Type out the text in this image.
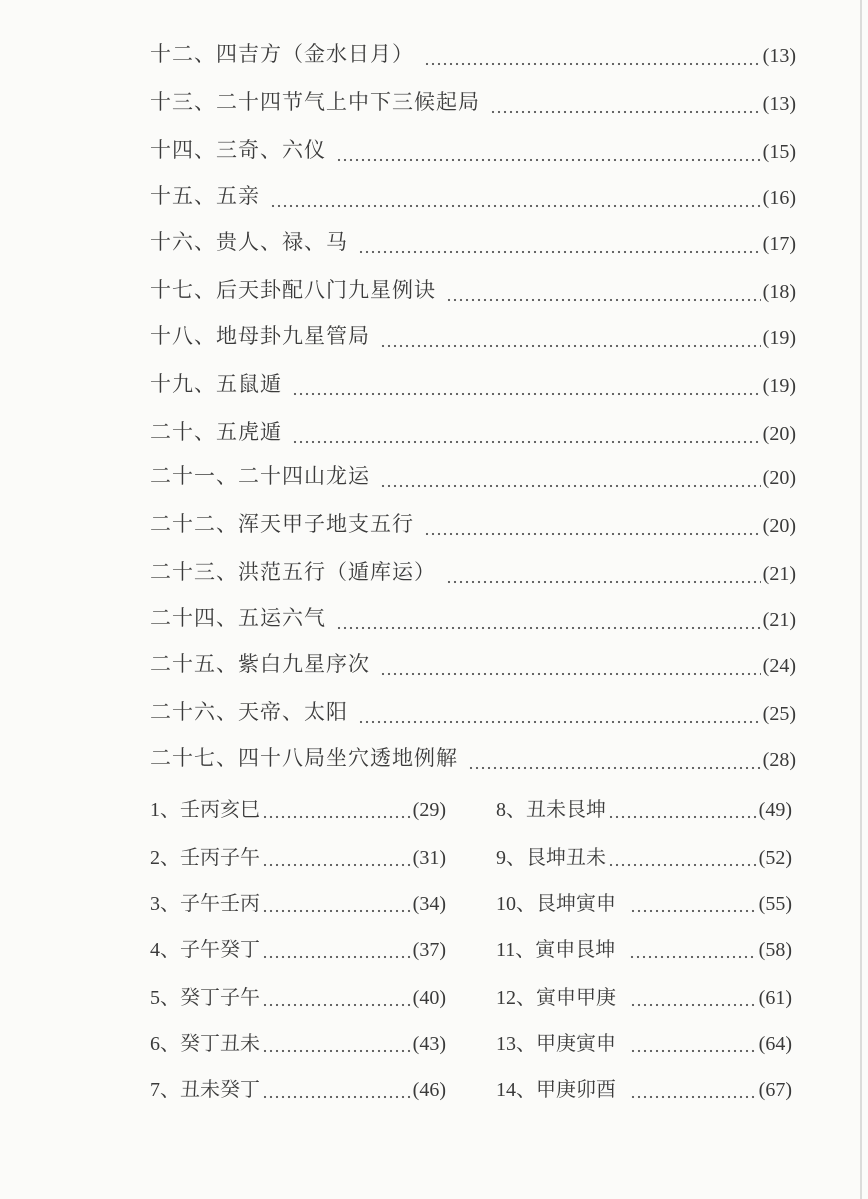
十二、四吉方（金水日月）	(13)
十三、二十四节气上中下三候起局	(13)
十四、三奇、六仪	(15)
十五、五亲	(16)
十六、贵人、禄、马	(17)
十七、后天卦配八门九星例诀	(18)
十八、地母卦九星管局	(19)
十九、五鼠遁	(19)
二十、五虎遁	(20)
二十一、二十四山龙运	(20)
二十二、浑天甲子地支五行	(20)
二十三、洪范五行（遁库运）	(21)
二十四、五运六气	(21)
二十五、紫白九星序次	(24)
二十六、天帝、太阳	(25)
二十七、四十八局坐穴透地例解	(28)
1 、壬丙亥巳	(29)
2 、壬丙子午	(31)
3 、子午壬丙	(34)
4 、子午癸丁	(37)
5 、癸丁子午	(40)
6 、癸丁丑未	(43)
7 、丑未癸丁	(46)
8 、丑未艮坤	(49)
9 、艮坤丑未	(52)
10 、艮坤寅申	(55)
11 、寅申艮坤	(58)
12 、寅申甲庚	(61)
13 、甲庚寅申	(64)
14 、甲庚卯酉	(67)
